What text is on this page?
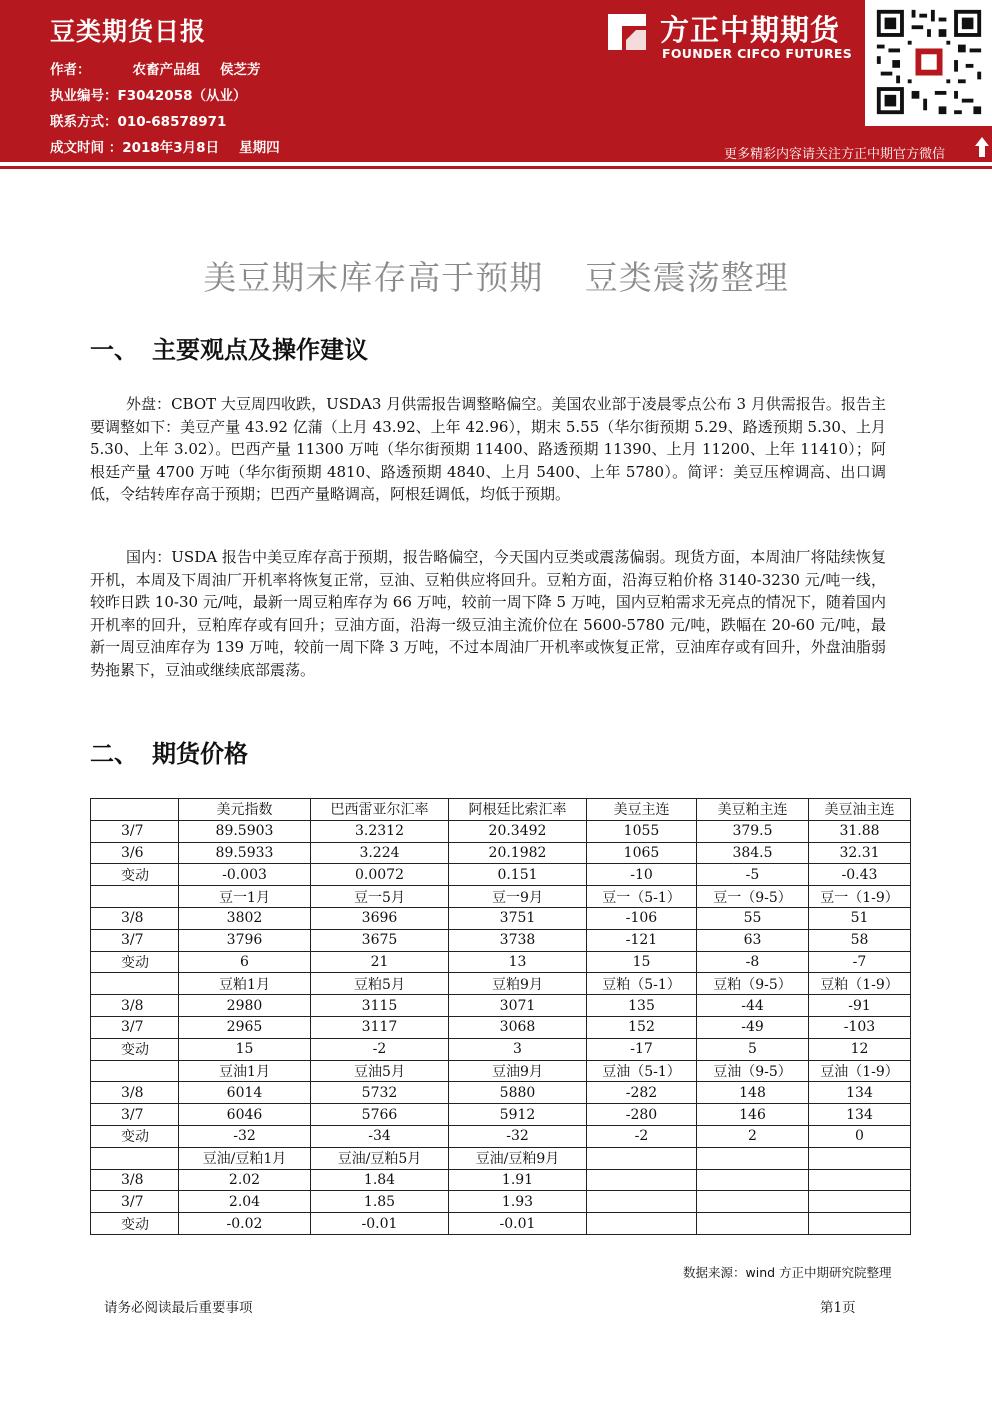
豆类期货日报
作者：	农畜产品组 侯芝芳
执业编号：F3042058（从业）
联系方式：010-68578971
成文时间 ：2018年3月8日 星期四
方正中期期货
FOUNDER CIFCO FUTURES
更多精彩内容请关注方正中期官方微信
美豆期末库存高于预期 豆类震荡整理
一、 主要观点及操作建议
外盘：CBOT 大豆周四收跌，USDA3 月供需报告调整略偏空。美国农业部于凌晨零点公布 3 月供需报告。报告主要调整如下：美豆产量 43.92 亿蒲（上月 43.92、上年 42.96），期末 5.55（华尔街预期 5.29、路透预期 5.30、上月 5.30、上年 3.02）。巴西产量 11300 万吨（华尔街预期 11400、路透预期 11390、上月 11200、上年 11410）；阿根廷产量 4700 万吨（华尔街预期 4810、路透预期 4840、上月 5400、上年 5780）。简评：美豆压榨调高、出口调低，令结转库存高于预期；巴西产量略调高，阿根廷调低，均低于预期。
国内：USDA 报告中美豆库存高于预期，报告略偏空，今天国内豆类或震荡偏弱。现货方面，本周油厂将陆续恢复开机，本周及下周油厂开机率将恢复正常，豆油、豆粕供应将回升。豆粕方面，沿海豆粕价格 3140-3230 元/吨一线，较昨日跌 10-30 元/吨，最新一周豆粕库存为 66 万吨，较前一周下降 5 万吨，国内豆粕需求无亮点的情况下，随着国内开机率的回升，豆粕库存或有回升；豆油方面，沿海一级豆油主流价位在 5600-5780 元/吨，跌幅在 20-60 元/吨，最新一周豆油库存为 139 万吨，较前一周下降 3 万吨，不过本周油厂开机率或恢复正常，豆油库存或有回升，外盘油脂弱势拖累下，豆油或继续底部震荡。
二、 期货价格
	美元指数	巴西雷亚尔汇率	阿根廷比索汇率	美豆主连	美豆粕主连	美豆油主连
3/7	89.5903	3.2312	20.3492	1055	379.5	31.88
3/6	89.5933	3.224	20.1982	1065	384.5	32.31
变动	-0.003	0.0072	0.151	-10	-5	-0.43
	豆一1月	豆一5月	豆一9月	豆一（5-1）	豆一（9-5）	豆一（1-9）
3/8	3802	3696	3751	-106	55	51
3/7	3796	3675	3738	-121	63	58
变动	6	21	13	15	-8	-7
	豆粕1月	豆粕5月	豆粕9月	豆粕（5-1）	豆粕（9-5）	豆粕（1-9）
3/8	2980	3115	3071	135	-44	-91
3/7	2965	3117	3068	152	-49	-103
变动	15	-2	3	-17	5	12
	豆油1月	豆油5月	豆油9月	豆油（5-1）	豆油（9-5）	豆油（1-9）
3/8	6014	5732	5880	-282	148	134
3/7	6046	5766	5912	-280	146	134
变动	-32	-34	-32	-2	2	0
	豆油/豆粕1月	豆油/豆粕5月	豆油/豆粕9月			
3/8	2.02	1.84	1.91			
3/7	2.04	1.85	1.93			
变动	-0.02	-0.01	-0.01			
数据来源：wind 方正中期研究院整理
请务必阅读最后重要事项	第1页
